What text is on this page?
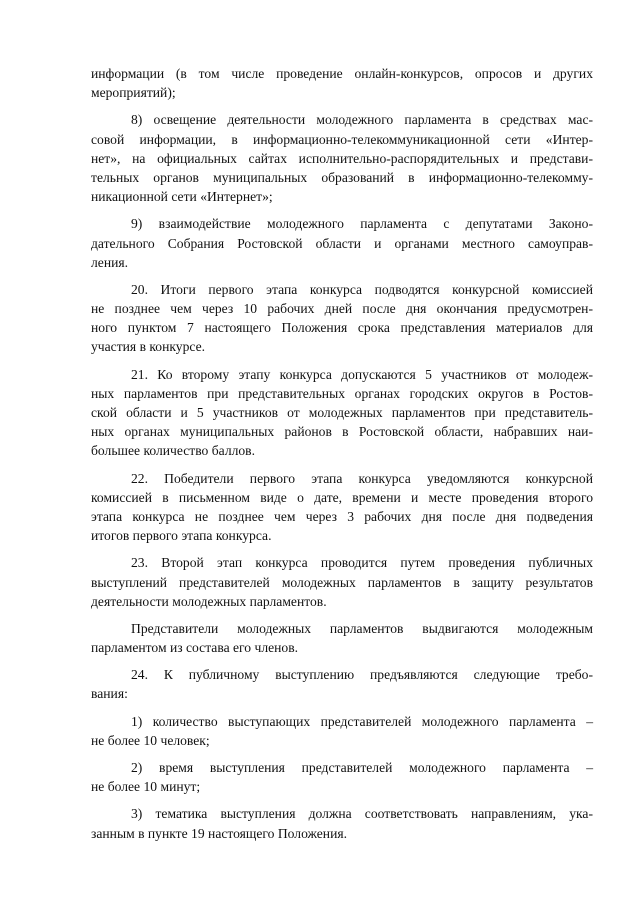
информации (в том числе проведение онлайн-конкурсов, опросов и других
мероприятий);
8) освещение деятельности молодежного парламента в средствах мас-
совой информации, в информационно-телекоммуникационной сети «Интер-
нет», на официальных сайтах исполнительно-распорядительных и представи-
тельных органов муниципальных образований в информационно-телекомму-
никационной сети «Интернет»;
9) взаимодействие молодежного парламента с депутатами Законо-
дательного Собрания Ростовской области и органами местного самоуправ-
ления.
20. Итоги первого этапа конкурса подводятся конкурсной комиссией
не позднее чем через 10 рабочих дней после дня окончания предусмотрен-
ного пунктом 7 настоящего Положения срока представления материалов для
участия в конкурсе.
21. Ко второму этапу конкурса допускаются 5 участников от молодеж-
ных парламентов при представительных органах городских округов в Ростов-
ской области и 5 участников от молодежных парламентов при представитель-
ных органах муниципальных районов в Ростовской области, набравших наи-
большее количество баллов.
22. Победители первого этапа конкурса уведомляются конкурсной
комиссией в письменном виде о дате, времени и месте проведения второго
этапа конкурса не позднее чем через 3 рабочих дня после дня подведения
итогов первого этапа конкурса.
23. Второй этап конкурса проводится путем проведения публичных
выступлений представителей молодежных парламентов в защиту результатов
деятельности молодежных парламентов.
Представители молодежных парламентов выдвигаются молодежным
парламентом из состава его членов.
24. К публичному выступлению предъявляются следующие требо-
вания:
1) количество выступающих представителей молодежного парламента –
не более 10 человек;
2) время выступления представителей молодежного парламента –
не более 10 минут;
3) тематика выступления должна соответствовать направлениям, ука-
занным в пункте 19 настоящего Положения.
